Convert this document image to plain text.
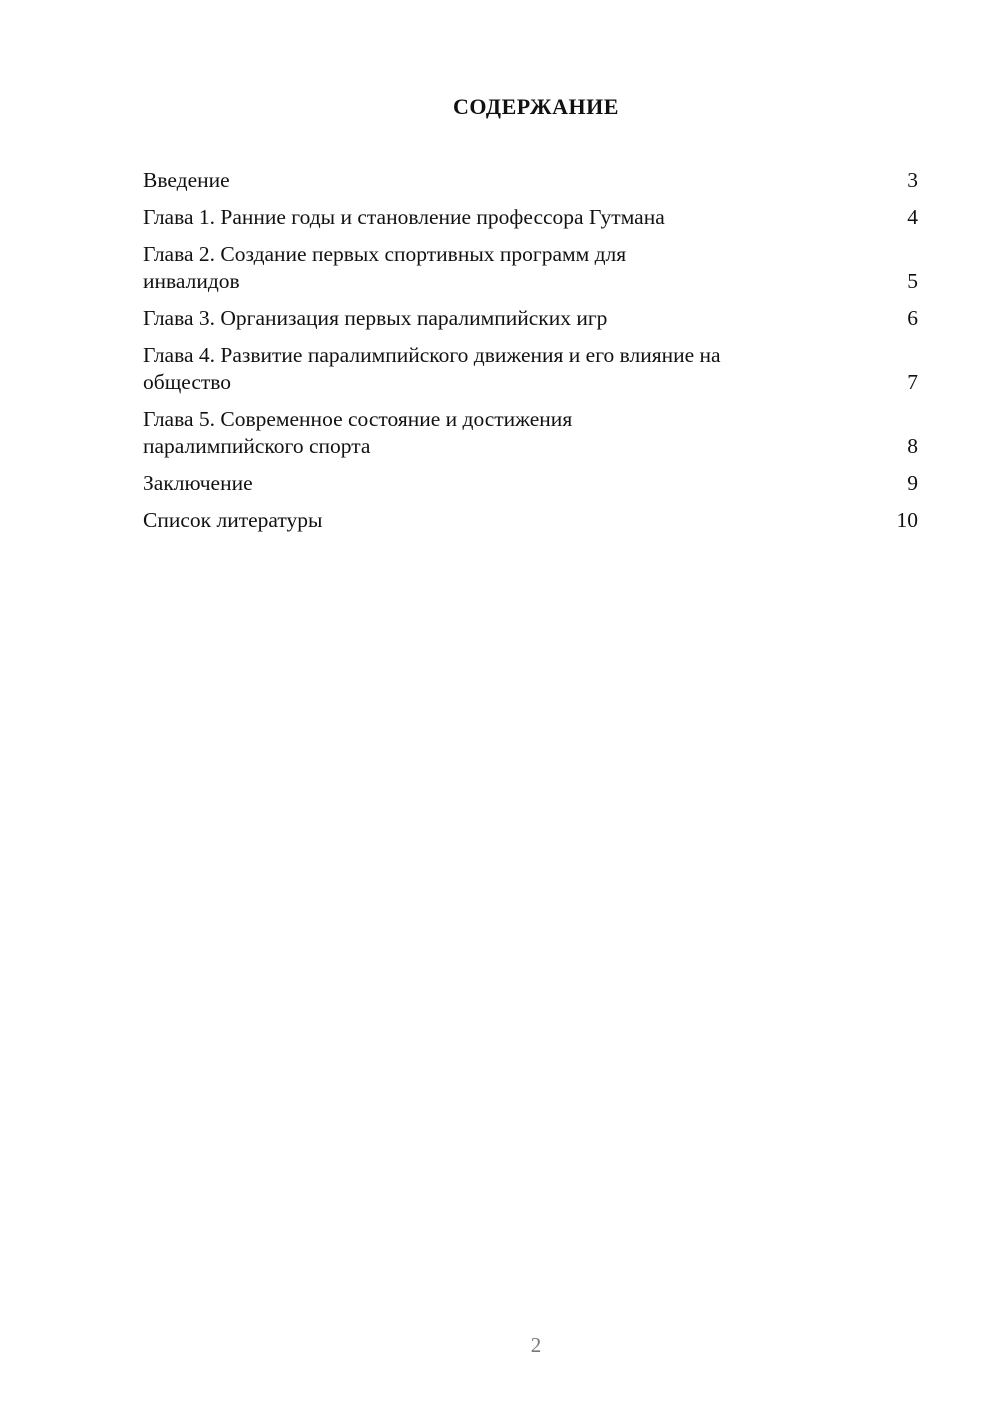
СОДЕРЖАНИЕ
Введение	3
Глава 1. Ранние годы и становление профессора Гутмана	4
Глава 2. Создание первых спортивных программ для
инвалидов	5
Глава 3. Организация первых паралимпийских игр	6
Глава 4. Развитие паралимпийского движения и его влияние на
общество	7
Глава 5. Современное состояние и достижения
паралимпийского спорта	8
Заключение	9
Список литературы	10
2
